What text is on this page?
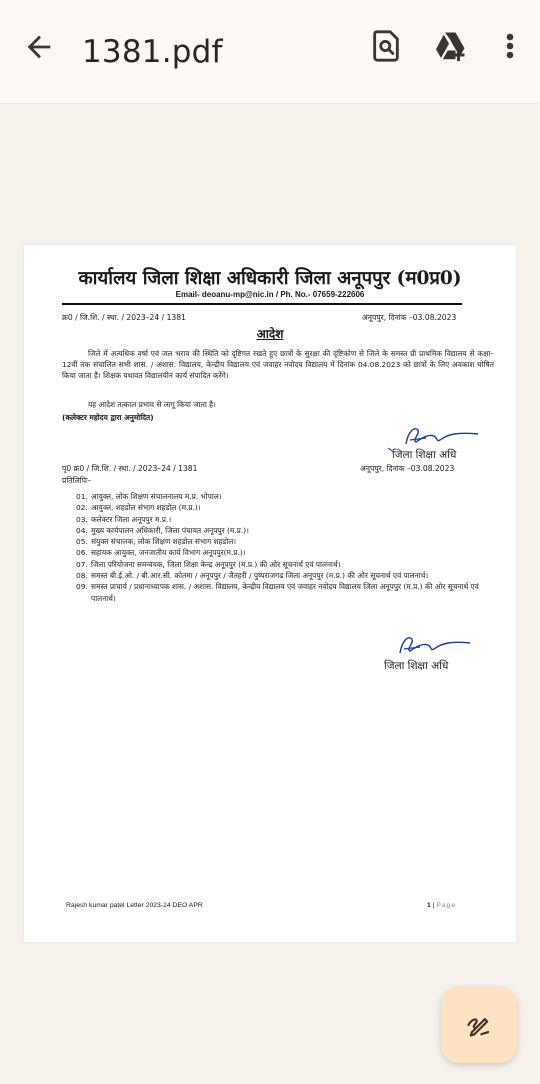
1381.pdf
कार्यालय जिला शिक्षा अधिकारी जिला अनूपपुर (म0प्र0)
Email- deoanu-mp@nic.in / Ph. No.- 07659-222606
क्र0 / जि.शि. / स्था. / 2023–24 / 1381	अनूपपुर, दिनांक –03.08.2023
आदेश
जिले में अत्यधिक वर्षा एवं जल भराव की स्थिति को दृष्टिगत रखते हुए छात्रों के सुरक्षा की दृष्टिकोण से जिले के समस्त प्री प्राथमिक विद्यालय से कक्षा–12वीं तक संचालित सभी शास. / अशास. विद्यालय, केन्द्रीय विद्यालय एवं जवाहर नवोदय विद्यालय में दिनांक 04.08.2023 को छात्रों के लिए अवकाश घोषित किया जाता है। शिक्षक यथावत विद्यालयीन कार्य संपादित करेंगे।
यह आदेश तत्काल प्रभाव से लागू किया जाता है।
(कलेक्टर महोदय द्वारा अनुमोदित)
जिला शिक्षा अधि
पृ0 क्र0 / जि.शि. / स्था. / 2023–24 / 1381	अनूपपुर, दिनांक –03.08.2023
प्रतिलिपिः–
01. आयुक्त, लोक शिक्षण संचालनालय म.प्र. भोपाल।
02. आयुक्त, शहडोल संभाग शहडोल (म.प्र.)।
03. कलेक्टर जिला अनूपपुर म.प्र.।
04. मुख्य कार्यपालन अधिकारी, जिला पंचायत अनूपपुर (म.प्र.)।
05. संयुक्त संचालक, लोक शिक्षण शहडोल संभाग शहडोल।
06. सहायक आयुक्त, जनजातीय कार्य विभाग अनूपपुर(म.प्र.)।
07. जिला परियोजना समन्वयक, जिला शिक्षा केन्द्र अनूपपुर (म.प्र.) की ओर सूचनार्थ एवं पालनार्थ।
08. समस्त बी.ई.ओ. / बी.आर.सी. कोतमा / अनूपपुर / जैतहरी / पुष्पराजगढ जिला अनूपपुर (म.प्र.) की ओर सूचनार्थ एवं पालनार्थ।
09. समस्त प्राचार्य / प्रधानाध्यापक शास. / अशास. विद्यालय, केन्द्रीय विद्यालय एवं जवाहर नवोदय विद्यालय जिला अनूपपुर (म.प्र.) की ओर सूचनार्थ एवं पालनार्थ।
जिला शिक्षा अधि
Rajesh kumar patel Letter 2023-24 DEO APR	1 | Page
